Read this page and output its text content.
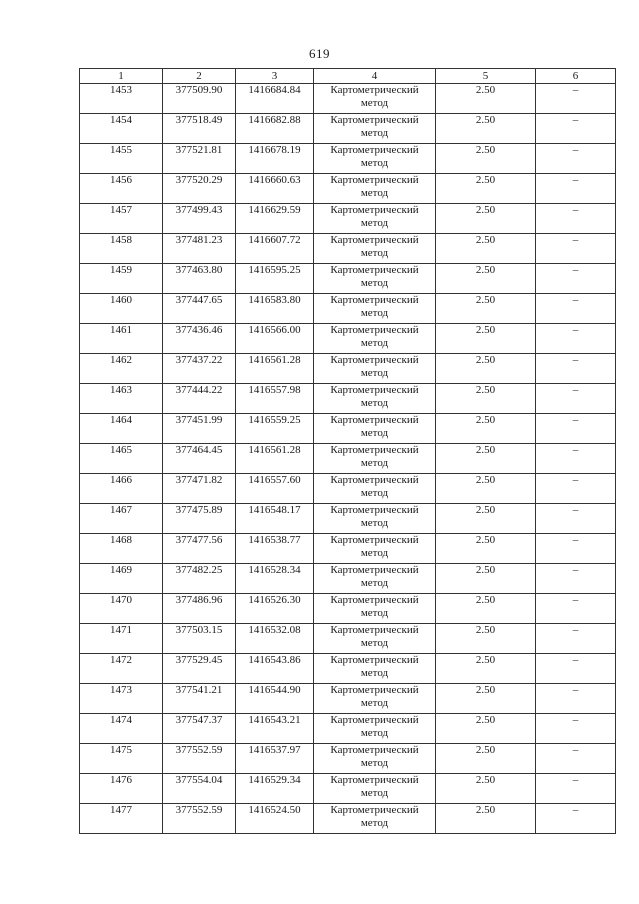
619
1	2	3	4	5	6
1453	377509.90	1416684.84	Картометрический
метод	2.50	–
1454	377518.49	1416682.88	Картометрический
метод	2.50	–
1455	377521.81	1416678.19	Картометрический
метод	2.50	–
1456	377520.29	1416660.63	Картометрический
метод	2.50	–
1457	377499.43	1416629.59	Картометрический
метод	2.50	–
1458	377481.23	1416607.72	Картометрический
метод	2.50	–
1459	377463.80	1416595.25	Картометрический
метод	2.50	–
1460	377447.65	1416583.80	Картометрический
метод	2.50	–
1461	377436.46	1416566.00	Картометрический
метод	2.50	–
1462	377437.22	1416561.28	Картометрический
метод	2.50	–
1463	377444.22	1416557.98	Картометрический
метод	2.50	–
1464	377451.99	1416559.25	Картометрический
метод	2.50	–
1465	377464.45	1416561.28	Картометрический
метод	2.50	–
1466	377471.82	1416557.60	Картометрический
метод	2.50	–
1467	377475.89	1416548.17	Картометрический
метод	2.50	–
1468	377477.56	1416538.77	Картометрический
метод	2.50	–
1469	377482.25	1416528.34	Картометрический
метод	2.50	–
1470	377486.96	1416526.30	Картометрический
метод	2.50	–
1471	377503.15	1416532.08	Картометрический
метод	2.50	–
1472	377529.45	1416543.86	Картометрический
метод	2.50	–
1473	377541.21	1416544.90	Картометрический
метод	2.50	–
1474	377547.37	1416543.21	Картометрический
метод	2.50	–
1475	377552.59	1416537.97	Картометрический
метод	2.50	–
1476	377554.04	1416529.34	Картометрический
метод	2.50	–
1477	377552.59	1416524.50	Картометрический
метод	2.50	–
